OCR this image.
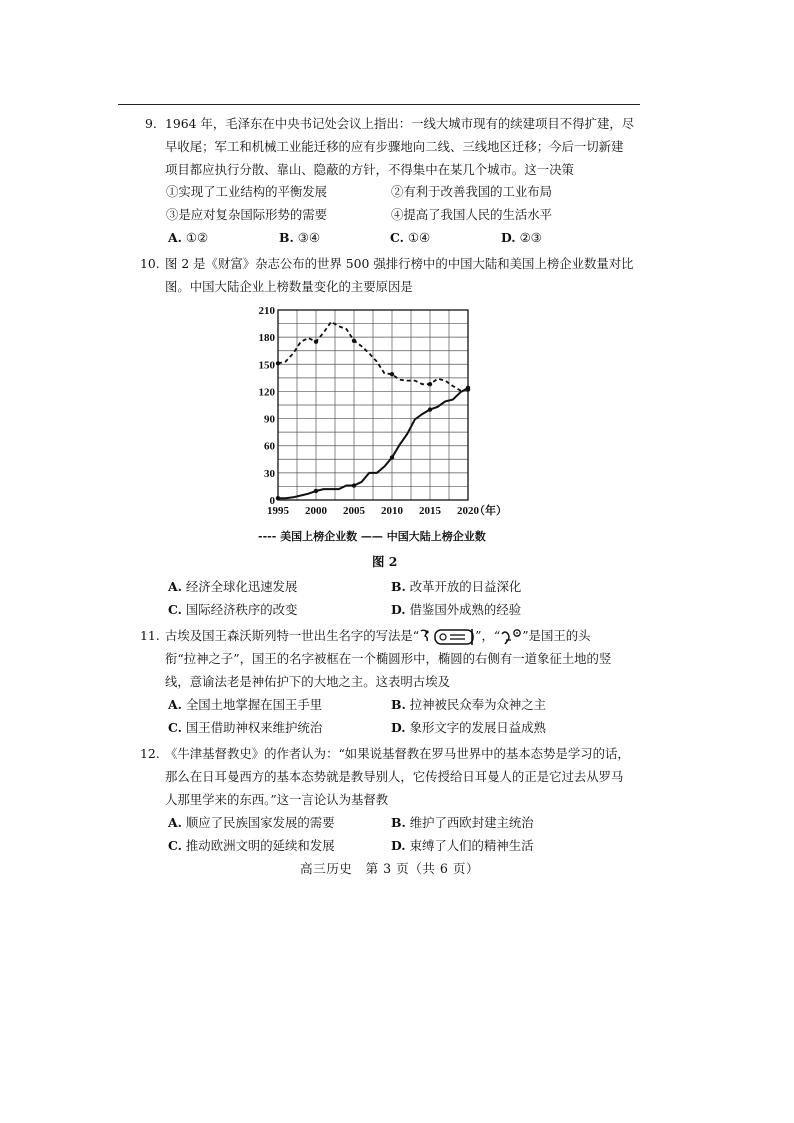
9. 1964 年，毛泽东在中央书记处会议上指出：一线大城市现有的续建项目不得扩建，尽
早收尾；军工和机械工业能迁移的应有步骤地向二线、三线地区迁移；今后一切新建
项目都应执行分散、靠山、隐蔽的方针，不得集中在某几个城市。这一决策
①实现了工业结构的平衡发展	②有利于改善我国的工业布局
③是应对复杂国际形势的需要	④提高了我国人民的生活水平
A. ①②	B. ③④	C. ①④	D. ②③
10. 图 2 是《财富》杂志公布的世界 500 强排行榜中的中国大陆和美国上榜企业数量对比
图。中国大陆企业上榜数量变化的主要原因是
0
30
60
90
120
150
180
210
1995 2000 2005 2010 2015 2020
（年）
---- 美国上榜企业数 —— 中国大陆上榜企业数
图 2
A. 经济全球化迅速发展	B. 改革开放的日益深化
C. 国际经济秩序的改变	D. 借鉴国外成熟的经验
11. 古埃及国王森沃斯列特一世出生名字的写法是“	”，“ ”是国王的头
衔“拉神之子”，国王的名字被框在一个椭圆形中，椭圆的右侧有一道象征土地的竖
线，意谕法老是神佑护下的大地之主。这表明古埃及
A. 全国土地掌握在国王手里	B. 拉神被民众奉为众神之主
C. 国王借助神权来维护统治	D. 象形文字的发展日益成熟
12. 《牛津基督教史》的作者认为：“如果说基督教在罗马世界中的基本态势是学习的话，
那么在日耳曼西方的基本态势就是教导别人，它传授给日耳曼人的正是它过去从罗马
人那里学来的东西。”这一言论认为基督教
A. 顺应了民族国家发展的需要	B. 维护了西欧封建主统治
C. 推动欧洲文明的延续和发展	D. 束缚了人们的精神生活
高三历史　第 3 页（共 6 页）
